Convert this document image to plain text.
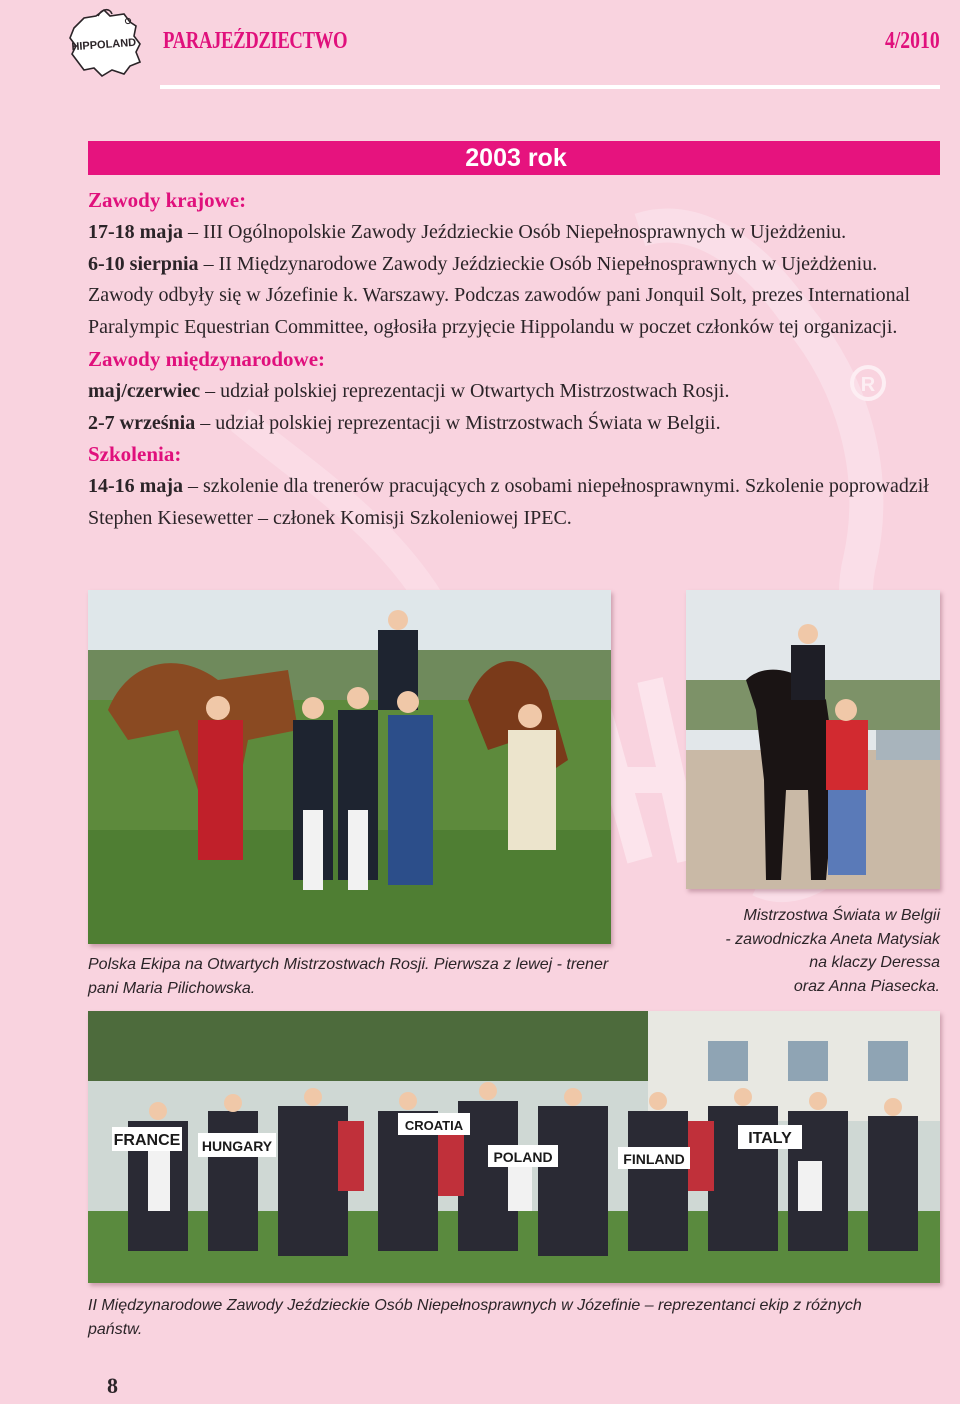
R
HIPPOLAND PARAJEŹDZIECTWO	4/2010
2003 rok

Zawody krajowe:

17-18 maja – III Ogólnopolskie Zawody Jeździeckie Osób Niepełnosprawnych w Ujeżdżeniu.

6-10 sierpnia – II Międzynarodowe Zawody Jeździeckie Osób Niepełnosprawnych w Ujeżdżeniu. Zawody odbyły się w Józefinie k. Warszawy. Podczas zawodów pani Jonquil Solt, prezes International Paralympic Equestrian Committee, ogłosiła przyjęcie Hippolandu w poczet członków tej organizacji.

Zawody międzynarodowe:

maj/czerwiec – udział polskiej reprezentacji w Otwartych Mistrzostwach Rosji.

2-7 września – udział polskiej reprezentacji w Mistrzostwach Świata w Belgii.

Szkolenia:

14-16 maja – szkolenie dla trenerów pracujących z osobami niepełnosprawnymi. Szkolenie poprowadził Stephen Kiesewetter – członek Komisji Szkoleniowej IPEC.

Polska Ekipa na Otwartych Mistrzostwach Rosji. Pierwsza z lewej - trener pani Maria Pilichowska.
Mistrzostwa Świata w Belgii
- zawodniczka Aneta Matysiak
na klaczy Deressa
oraz Anna Piasecka.
FRANCE HUNGARY
CROATIA
POLAND	FINLAND
ITALY
II Międzynarodowe Zawody Jeździeckie Osób Niepełnosprawnych w Józefinie – reprezentanci ekip z różnych państw.
8
